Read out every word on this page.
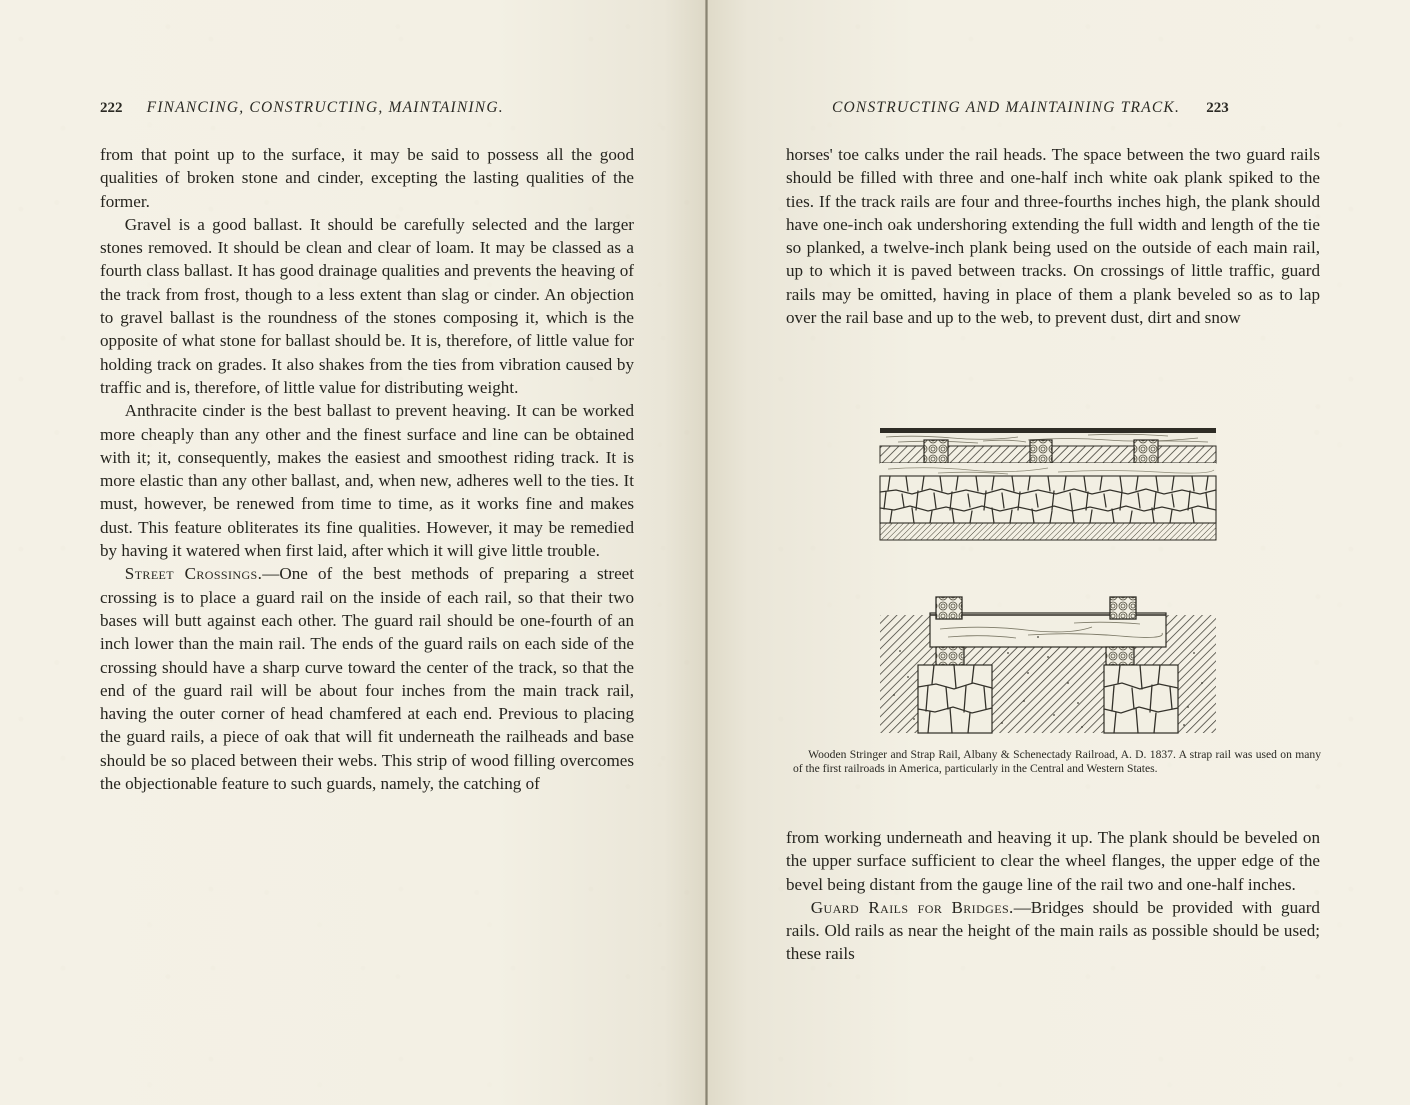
222 FINANCING, CONSTRUCTING, MAINTAINING.

from that point up to the surface, it may be said to possess all the good qualities of broken stone and cinder, excepting the lasting qualities of the former.

Gravel is a good ballast. It should be carefully selected and the larger stones removed. It should be clean and clear of loam. It may be classed as a fourth class ballast. It has good drainage qualities and prevents the heaving of the track from frost, though to a less extent than slag or cinder. An objection to gravel ballast is the roundness of the stones composing it, which is the opposite of what stone for ballast should be. It is, therefore, of little value for holding track on grades. It also shakes from the ties from vibration caused by traffic and is, therefore, of little value for distributing weight.

Anthracite cinder is the best ballast to prevent heaving. It can be worked more cheaply than any other and the finest surface and line can be obtained with it; it, consequently, makes the easiest and smoothest riding track. It is more elastic than any other ballast, and, when new, adheres well to the ties. It must, however, be renewed from time to time, as it works fine and makes dust. This feature obliterates its fine qualities. However, it may be remedied by having it watered when first laid, after which it will give little trouble.

Street Crossings.—One of the best methods of preparing a street crossing is to place a guard rail on the inside of each rail, so that their two bases will butt against each other. The guard rail should be one-fourth of an inch lower than the main rail. The ends of the guard rails on each side of the crossing should have a sharp curve toward the center of the track, so that the end of the guard rail will be about four inches from the main track rail, having the outer corner of head chamfered at each end. Previous to placing the guard rails, a piece of oak that will fit underneath the railheads and base should be so placed between their webs. This strip of wood filling overcomes the objectionable feature to such guards, namely, the catching of

CONSTRUCTING AND MAINTAINING TRACK. 223

horses' toe calks under the rail heads. The space between the two guard rails should be filled with three and one-half inch white oak plank spiked to the ties. If the track rails are four and three-fourths inches high, the plank should have one-inch oak undershoring extending the full width and length of the tie so planked, a twelve-inch plank being used on the outside of each main rail, up to which it is paved between tracks. On crossings of little traffic, guard rails may be omitted, having in place of them a plank beveled so as to lap over the rail base and up to the web, to prevent dust, dirt and snow

Wooden Stringer and Strap Rail, Albany & Schenectady Railroad, A. D. 1837. A strap rail was used on many of the first railroads in America, particularly in the Central and Western States.

from working underneath and heaving it up. The plank should be beveled on the upper surface sufficient to clear the wheel flanges, the upper edge of the bevel being distant from the gauge line of the rail two and one-half inches.

Guard Rails for Bridges.—Bridges should be provided with guard rails. Old rails as near the height of the main rails as possible should be used; these rails
